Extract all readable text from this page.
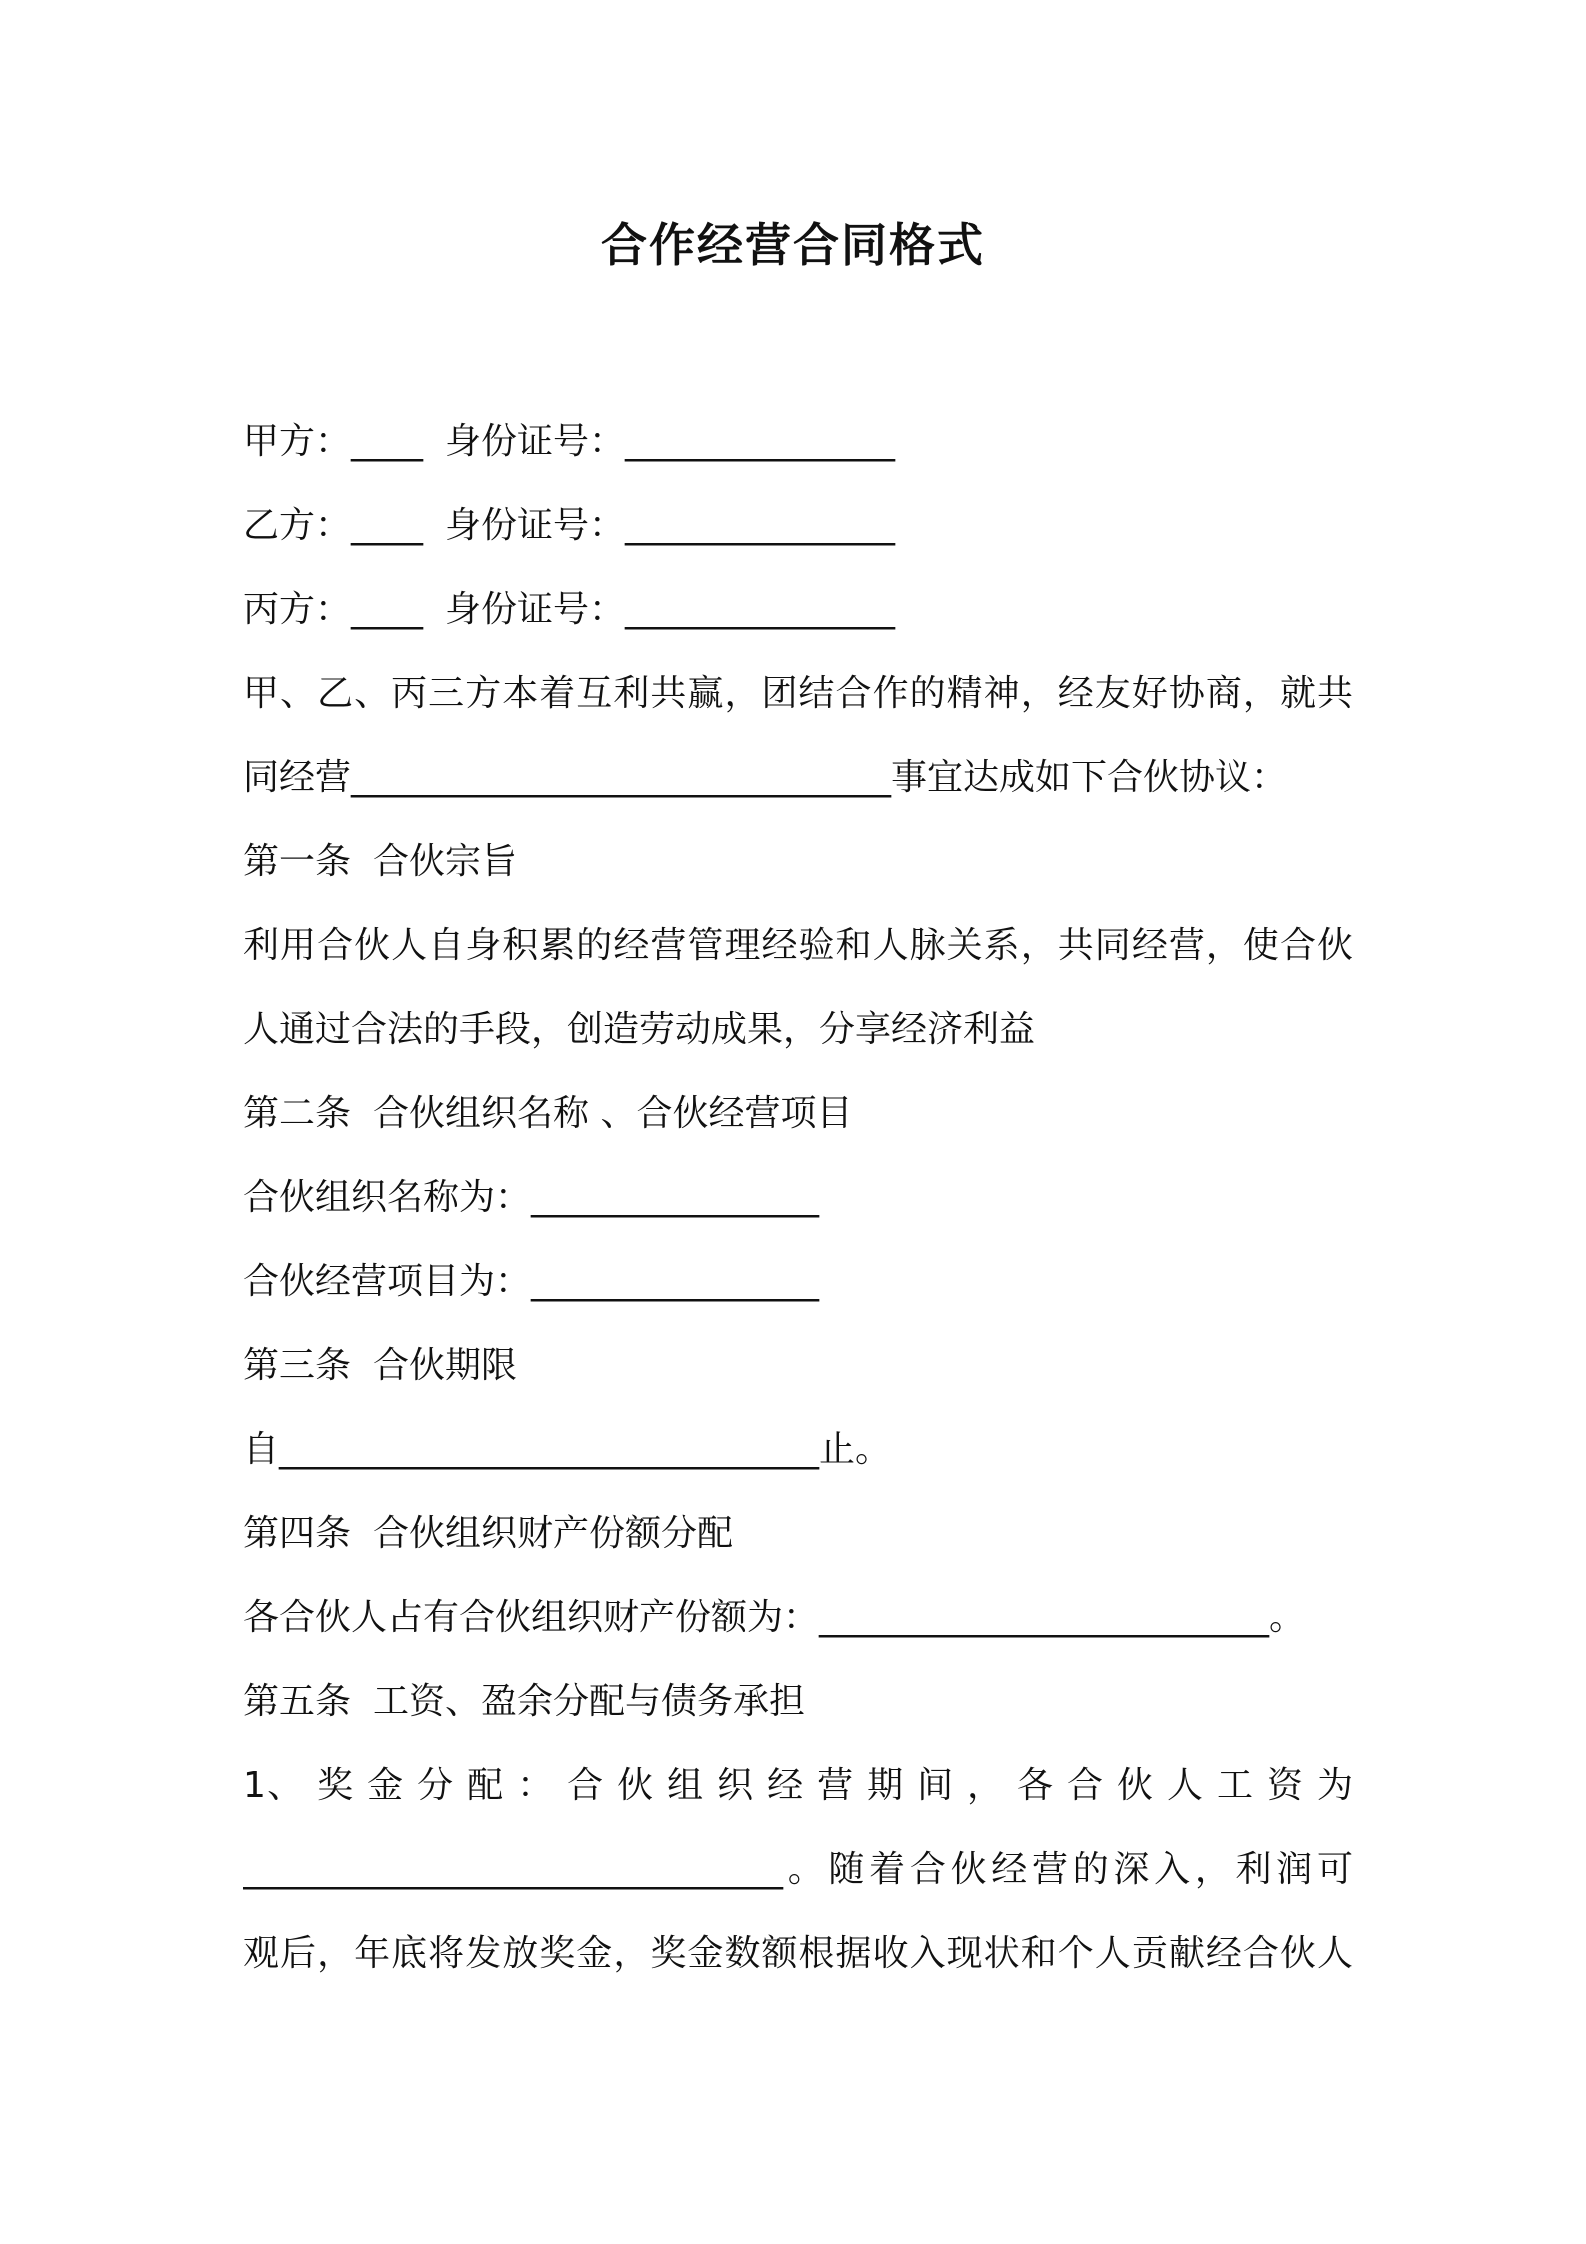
合作经营合同格式
甲方：____ 身份证号：_______________
乙方：____ 身份证号：_______________
丙方：____ 身份证号：_______________
甲、乙、丙三方本着互利共赢，团结合作的精神，经友好协商，就共
同经营______________________________事宜达成如下合伙协议：
第一条 合伙宗旨
利用合伙人自身积累的经营管理经验和人脉关系，共同经营，使合伙
人通过合法的手段，创造劳动成果，分享经济利益
第二条 合伙组织名称 、合伙经营项目
合伙组织名称为：________________
合伙经营项目为：________________
第三条 合伙期限
自______________________________止。
第四条 合伙组织财产份额分配
各合伙人占有合伙组织财产份额为：_________________________。
第五条 工资、盈余分配与债务承担
1、 奖 金 分 配 ： 合 伙 组 织 经 营 期 间 ， 各 合 伙 人 工 资 为
______________________________。随着合伙经营的深入，利润可
观后，年底将发放奖金，奖金数额根据收入现状和个人贡献经合伙人
